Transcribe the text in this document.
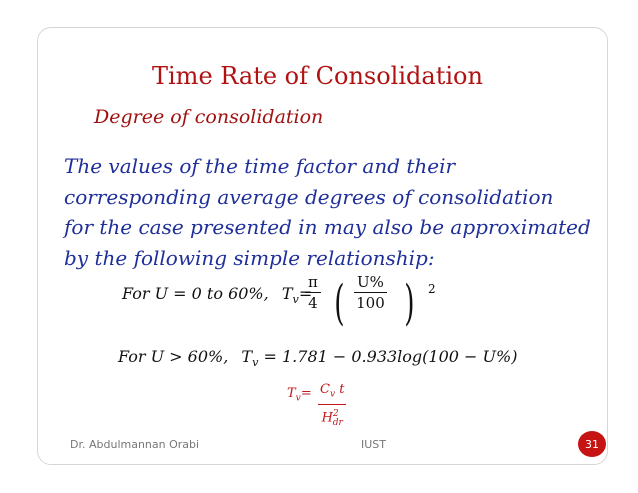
Time Rate of Consolidation
Degree of consolidation
The values of the time factor and their
corresponding average degrees of consolidation
for the case presented in may also be approximated
by the following simple relationship:
For U = 0 to 60%, $T_v=$
$\frac{\pi}{4}$ ( $\frac{U\%}{100}$ ) 2
For U > 60%, $T_v = 1.781 - 0.933\log(100 - U\%)$
$T_v= \frac{C_v t}{H^2_{dr}}$
Dr. Abdulmannan Orabi	IUST	31
